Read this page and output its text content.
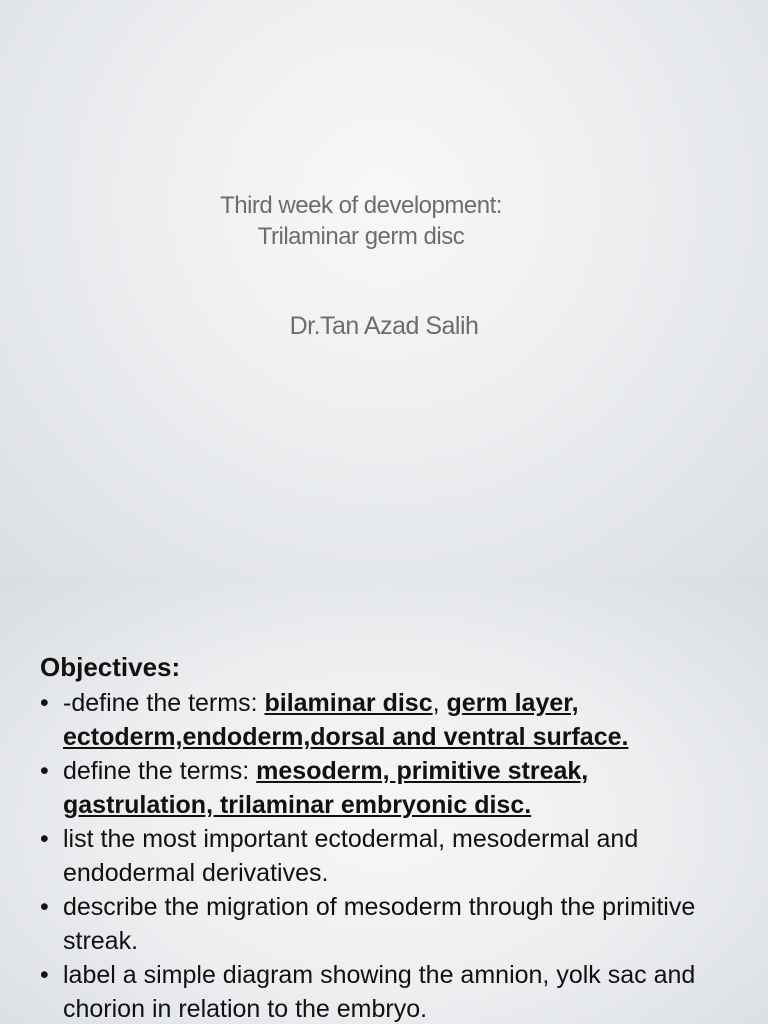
Third week of development:
Trilaminar germ disc
Dr.Tan Azad Salih
Objectives:
• -define the terms: bilaminar disc, germ layer, ectoderm,endoderm,dorsal and ventral surface.
• define the terms: mesoderm, primitive streak, gastrulation, trilaminar embryonic disc.
• list the most important ectodermal, mesodermal and endodermal derivatives.
• describe the migration of mesoderm through the primitive streak.
• label a simple diagram showing the amnion, yolk sac and chorion in relation to the embryo.
